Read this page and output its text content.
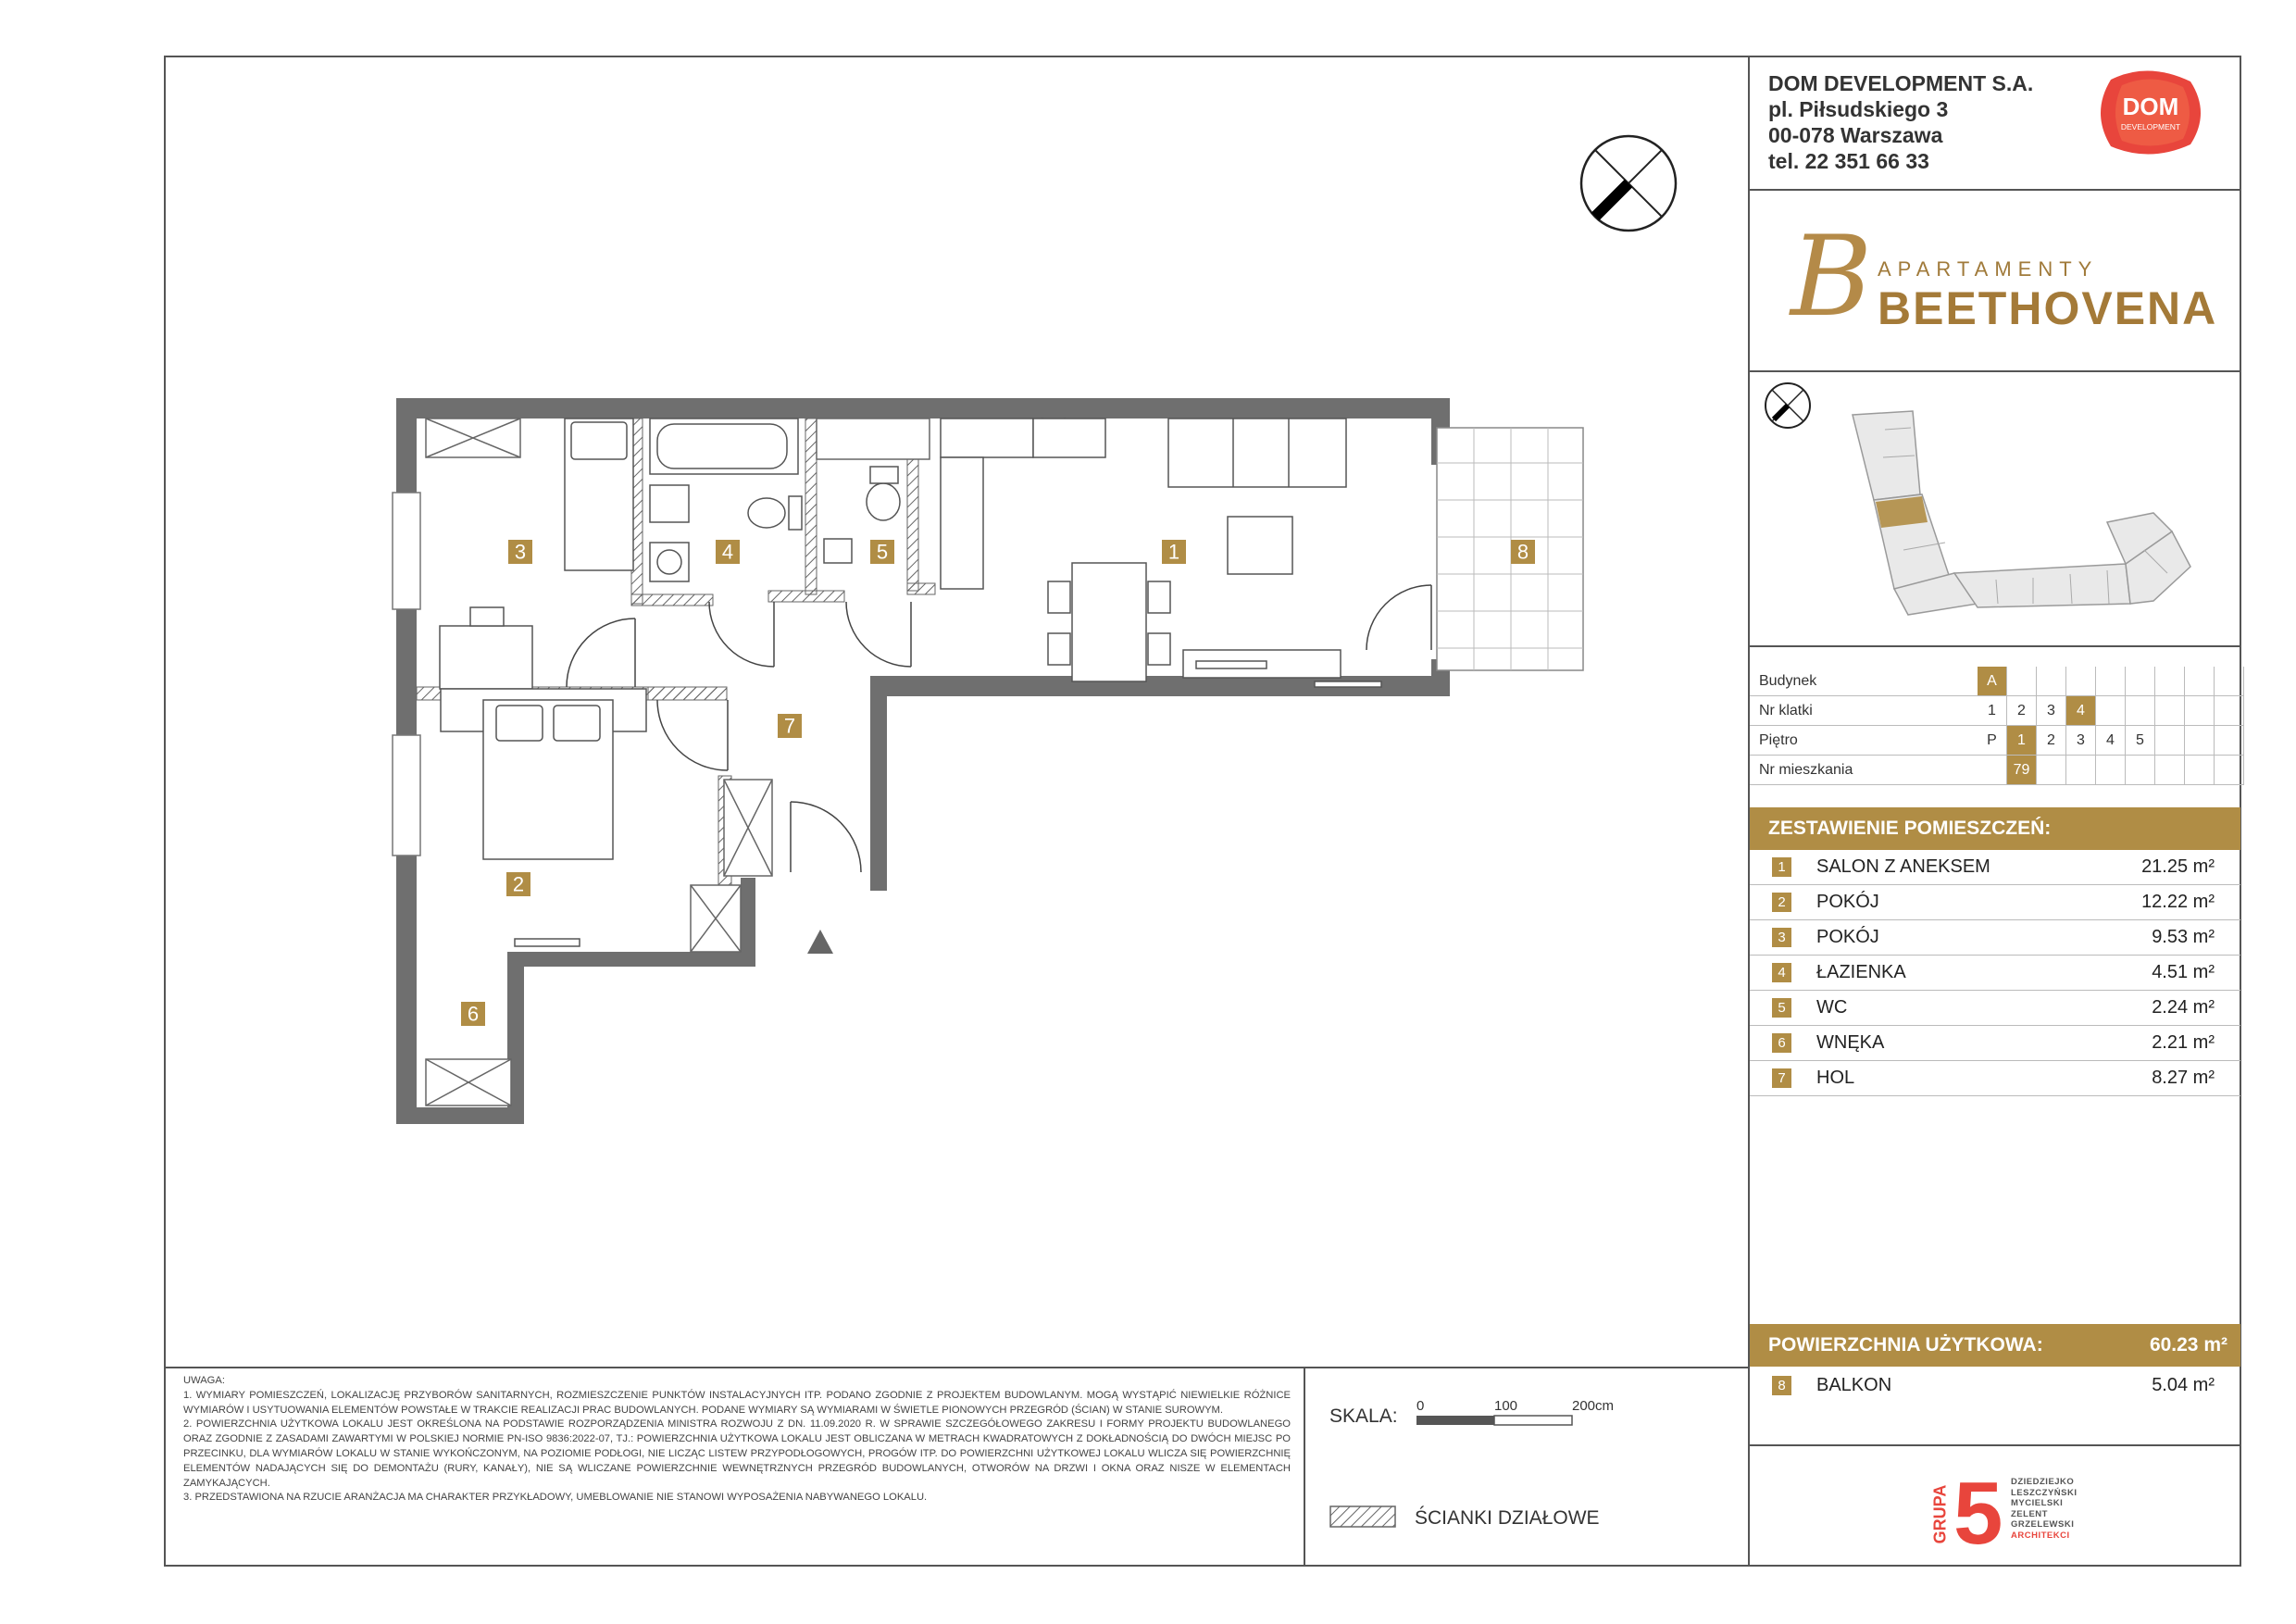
DOM DEVELOPMENT S.A.
pl. Piłsudskiego 3
00-078 Warszawa
tel. 22 351 66 33
DOM
DEVELOPMENT
B APARTAMENTY
BEETHOVENA
Budynek	A								
Nr klatki	1	2	3	4					
Piętro	P	1	2	3	4	5			
Nr mieszkania		79							
ZESTAWIENIE POMIESZCZEŃ:
1	SALON Z ANEKSEM	21.25 m²
2	POKÓJ	12.22 m²
3	POKÓJ	9.53 m²
4	ŁAZIENKA	4.51 m²
5	WC	2.24 m²
6	WNĘKA	2.21 m²
7	HOL	8.27 m²
POWIERZCHNIA UŻYTKOWA:	60.23 m²
8	BALKON	5.04 m²
1
2
3	4	5
6
7
8

UWAGA:

1. WYMIARY POMIESZCZEŃ, LOKALIZACJĘ PRZYBORÓW SANITARNYCH, ROZMIESZCZENIE PUNKTÓW INSTALACYJNYCH ITP. PODANO ZGODNIE Z PROJEKTEM BUDOWLANYM. MOGĄ WYSTĄPIĆ NIEWIELKIE RÓŻNICE WYMIARÓW I USYTUOWANIA ELEMENTÓW POWSTAŁE W TRAKCIE REALIZACJI PRAC BUDOWLANYCH. PODANE WYMIARY SĄ WYMIARAMI W ŚWIETLE PIONOWYCH PRZEGRÓD (ŚCIAN) W STANIE SUROWYM.

2. POWIERZCHNIA UŻYTKOWA LOKALU JEST OKREŚLONA NA PODSTAWIE ROZPORZĄDZENIA MINISTRA ROZWOJU Z DN. 11.09.2020 R. W SPRAWIE SZCZEGÓŁOWEGO ZAKRESU I FORMY PROJEKTU BUDOWLANEGO ORAZ ZGODNIE Z ZASADAMI ZAWARTYMI W POLSKIEJ NORMIE PN-ISO 9836:2022-07, TJ.: POWIERZCHNIA UŻYTKOWA LOKALU JEST OBLICZANA W METRACH KWADRATOWYCH Z DOKŁADNOŚCIĄ DO DWÓCH MIEJSC PO PRZECINKU, DLA WYMIARÓW LOKALU W STANIE WYKOŃCZONYM, NA POZIOMIE PODŁOGI, NIE LICZĄC LISTEW PRZYPODŁOGOWYCH, PROGÓW ITP. DO POWIERZCHNI UŻYTKOWEJ LOKALU WLICZA SIĘ POWIERZCHNIĘ ELEMENTÓW NADAJĄCYCH SIĘ DO DEMONTAŻU (RURY, KANAŁY), NIE SĄ WLICZANE POWIERZCHNIE WEWNĘTRZNYCH PRZEGRÓD BUDOWLANYCH, OTWORÓW NA DRZWI I OKNA ORAZ NISZE W ELEMENTACH ZAMYKAJĄCYCH.

3. PRZEDSTAWIONA NA RZUCIE ARANŻACJA MA CHARAKTER PRZYKŁADOWY, UMEBLOWANIE NIE STANOWI WYPOSAŻENIA NABYWANEGO LOKALU.

SKALA: 0	100	200cm
ŚCIANKI DZIAŁOWE	GRUPA 5 DZIEDZIEJKO
LESZCZYŃSKI
MYCIELSKI
ZELENT
GRZELEWSKI
ARCHITEKCI
